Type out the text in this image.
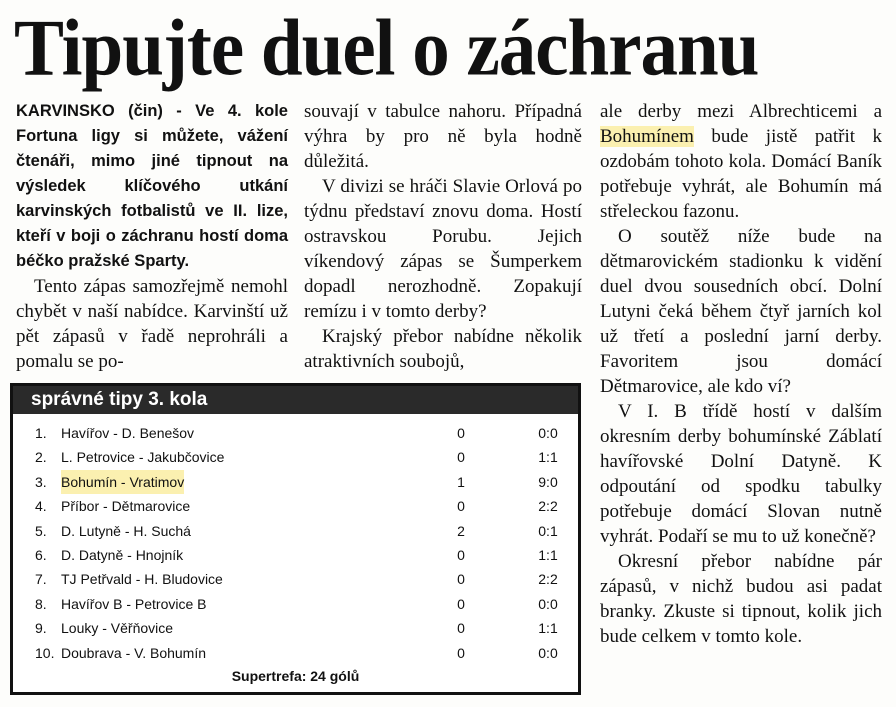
Tipujte duel o záchranu

KARVINSKO (čin) - Ve 4. kole Fortuna ligy si můžete, vážení čtenáři, mimo jiné tipnout na výsledek klíčového utkání karvinských fotbalistů ve II. lize, kteří v boji o záchranu hostí doma béčko pražské Sparty.

Tento zápas samozřejmě nemohl chybět v naší nabídce. Karvinští už pět zápasů v řadě neprohráli a pomalu se po-

souvají v tabulce nahoru. Případná výhra by pro ně byla hodně důležitá.

V divizi se hráči Slavie Orlová po týdnu představí znovu doma. Hostí ostravskou Porubu. Jejich víkendový zápas se Šumperkem dopadl nerozhodně. Zopakují remízu i v tomto derby?

Krajský přebor nabídne několik atraktivních soubojů,

ale derby mezi Albrechticemi a Bohumínem bude jistě patřit k ozdobám tohoto kola. Domácí Baník potřebuje vyhrát, ale Bohumín má střeleckou fazonu.

O soutěž níže bude na dětmarovickém stadionku k vidění duel dvou sousedních obcí. Dolní Lutyni čeká během čtyř jarních kol už třetí a poslední jarní derby. Favoritem jsou domácí Dětmarovice, ale kdo ví?

V I. B třídě hostí v dalším okresním derby bohumínské Záblatí havířovské Dolní Datyně. K odpoutání od spodku tabulky potřebuje domácí Slovan nutně vyhrát. Podaří se mu to už konečně?

Okresní přebor nabídne pár zápasů, v nichž budou asi padat branky. Zkuste si tipnout, kolik jich bude celkem v tomto kole.

správné tipy 3. kola
1.	Havířov - D. Benešov	0	0:0
2.	L. Petrovice - Jakubčovice	0	1:1
3.	Bohumín - Vratimov	1	9:0
4.	Příbor - Dětmarovice	0	2:2
5.	D. Lutyně - H. Suchá	2	0:1
6.	D. Datyně - Hnojník	0	1:1
7.	TJ Petřvald - H. Bludovice	0	2:2
8.	Havířov B - Petrovice B	0	0:0
9.	Louky - Věřňovice	0	1:1
10. Doubrava - V. Bohumín	0	0:0
Supertrefa: 24 gólů
